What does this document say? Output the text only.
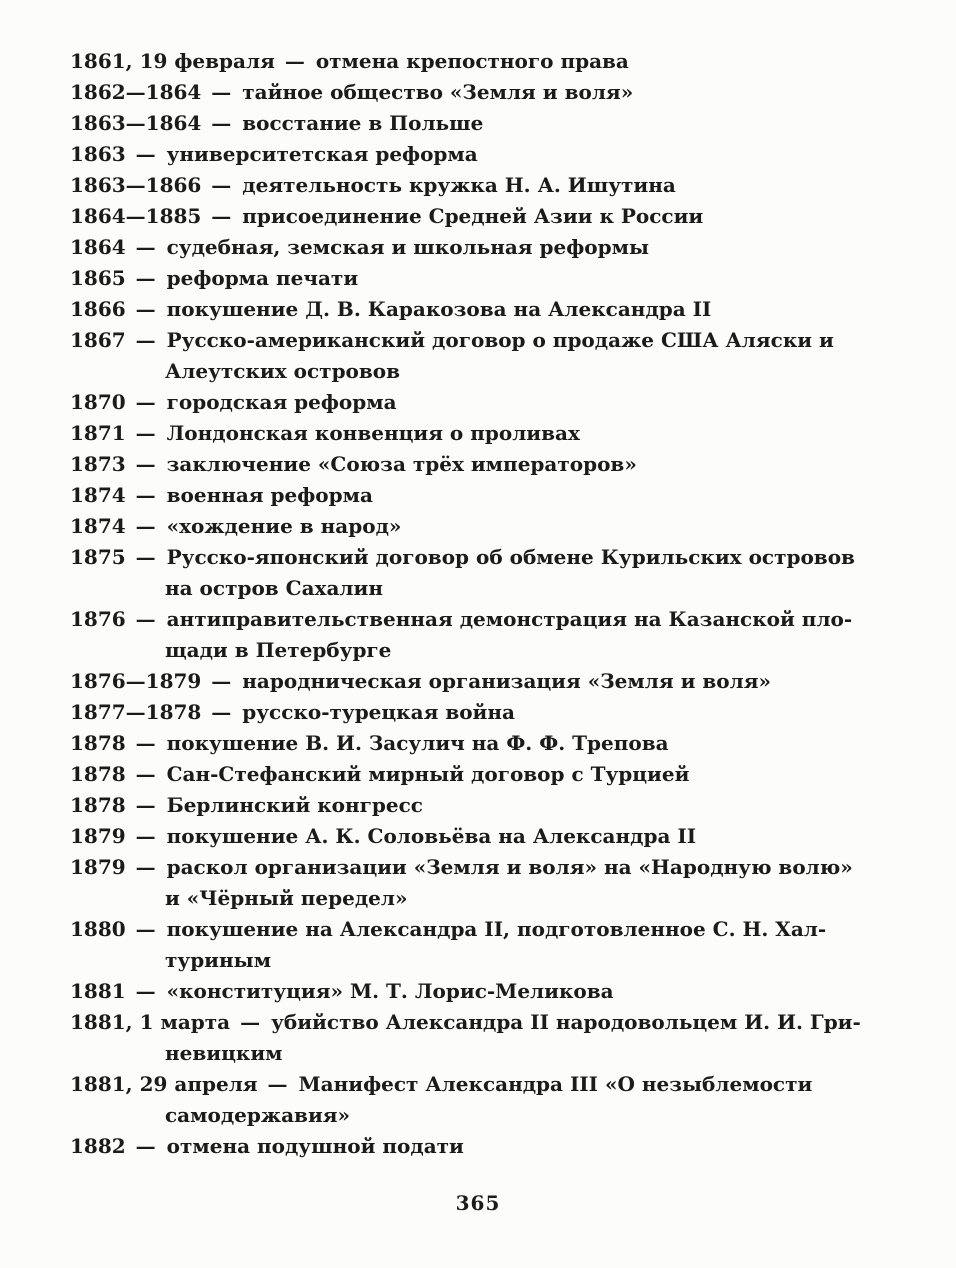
1861, 19 февраля — отмена крепостного права
1862—1864 — тайное общество «Земля и воля»
1863—1864 — восстание в Польше
1863 — университетская реформа
1863—1866 — деятельность кружка Н. А. Ишутина
1864—1885 — присоединение Средней Азии к России
1864 — судебная, земская и школьная реформы
1865 — реформа печати
1866 — покушение Д. В. Каракозова на Александра II
1867 — Русско-американский договор о продаже США Аляски и
Алеутских островов
1870 — городская реформа
1871 — Лондонская конвенция о проливах
1873 — заключение «Союза трёх императоров»
1874 — военная реформа
1874 — «хождение в народ»
1875 — Русско-японский договор об обмене Курильских островов
на остров Сахалин
1876 — антиправительственная демонстрация на Казанской пло-
щади в Петербурге
1876—1879 — народническая организация «Земля и воля»
1877—1878 — русско-турецкая война
1878 — покушение В. И. Засулич на Ф. Ф. Трепова
1878 — Сан-Стефанский мирный договор с Турцией
1878 — Берлинский конгресс
1879 — покушение А. К. Соловьёва на Александра II
1879 — раскол организации «Земля и воля» на «Народную волю»
и «Чёрный передел»
1880 — покушение на Александра II, подготовленное С. Н. Хал-
туриным
1881 — «конституция» М. Т. Лорис-Меликова
1881, 1 марта — убийство Александра II народовольцем И. И. Гри-
невицким
1881, 29 апреля — Манифест Александра III «О незыблемости
самодержавия»
1882 — отмена подушной подати
365
